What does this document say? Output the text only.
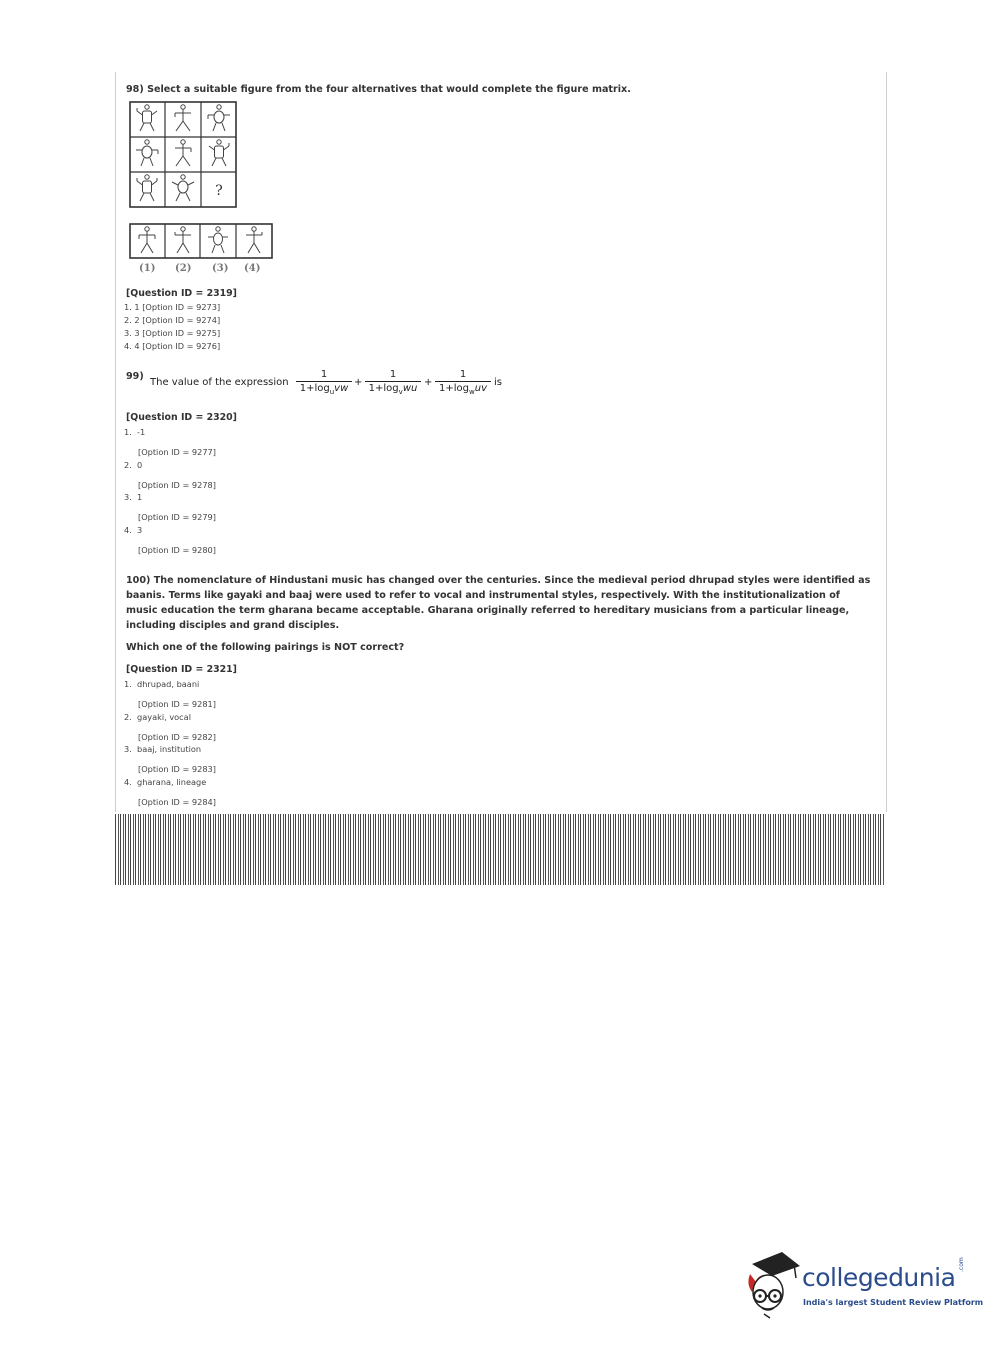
98) Select a suitable figure from the four alternatives that would complete the figure matrix.
?
(1) (2) (3) (4)
[Question ID = 2319]
1. 1 [Option ID = 9273]
2. 2 [Option ID = 9274]
3. 3 [Option ID = 9275]
4. 4 [Option ID = 9276]
99)
The value of the expression
1
$1+\log_uvw$
+
1
$1+\log_vwu$
+
1
$1+\log_wuv$
is
[Question ID = 2320]
1. -1
[Option ID = 9277]
2. 0
[Option ID = 9278]
3. 1
[Option ID = 9279]
4. 3
[Option ID = 9280]
100) The nomenclature of Hindustani music has changed over the centuries. Since the medieval period dhrupad styles were identified as baanis. Terms like gayaki and baaj were used to refer to vocal and instrumental styles, respectively. With the institutionalization of music education the term gharana became acceptable. Gharana originally referred to hereditary musicians from a particular lineage, including disciples and grand disciples.
Which one of the following pairings is NOT correct?
[Question ID = 2321]
1. dhrupad, baani
[Option ID = 9281]
2. gayaki, vocal
[Option ID = 9282]
3. baaj, institution
[Option ID = 9283]
4. gharana, lineage
[Option ID = 9284]
collegedunia .com
India's largest Student Review Platform
